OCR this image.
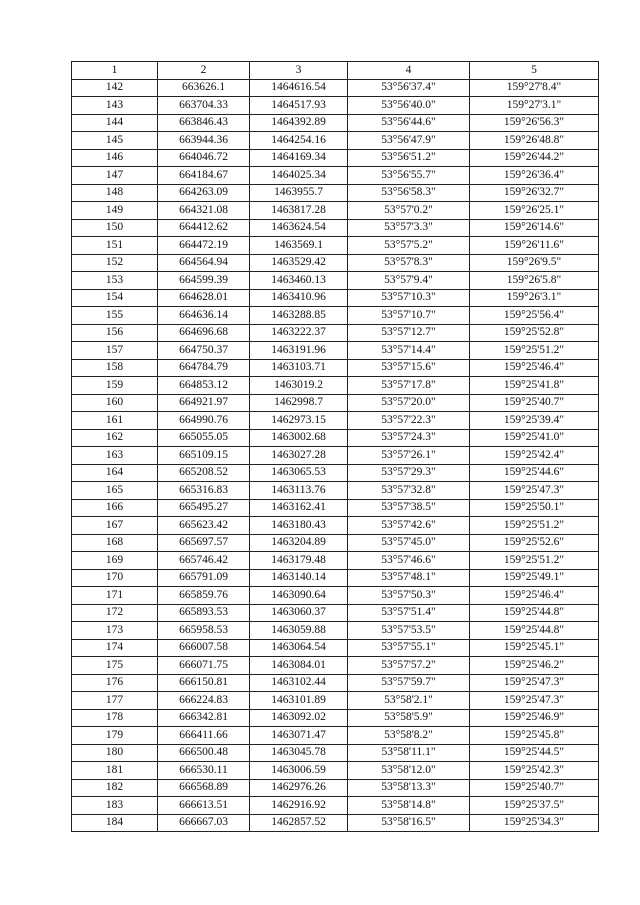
1	2	3	4	5
142	663626.1	1464616.54	53°56'37.4"	159°27'8.4"
143	663704.33	1464517.93	53°56'40.0"	159°27'3.1"
144	663846.43	1464392.89	53°56'44.6"	159°26'56.3"
145	663944.36	1464254.16	53°56'47.9"	159°26'48.8"
146	664046.72	1464169.34	53°56'51.2"	159°26'44.2"
147	664184.67	1464025.34	53°56'55.7"	159°26'36.4"
148	664263.09	1463955.7	53°56'58.3"	159°26'32.7"
149	664321.08	1463817.28	53°57'0.2"	159°26'25.1"
150	664412.62	1463624.54	53°57'3.3"	159°26'14.6"
151	664472.19	1463569.1	53°57'5.2"	159°26'11.6"
152	664564.94	1463529.42	53°57'8.3"	159°26'9.5"
153	664599.39	1463460.13	53°57'9.4"	159°26'5.8"
154	664628.01	1463410.96	53°57'10.3"	159°26'3.1"
155	664636.14	1463288.85	53°57'10.7"	159°25'56.4"
156	664696.68	1463222.37	53°57'12.7"	159°25'52.8"
157	664750.37	1463191.96	53°57'14.4"	159°25'51.2"
158	664784.79	1463103.71	53°57'15.6"	159°25'46.4"
159	664853.12	1463019.2	53°57'17.8"	159°25'41.8"
160	664921.97	1462998.7	53°57'20.0"	159°25'40.7"
161	664990.76	1462973.15	53°57'22.3"	159°25'39.4"
162	665055.05	1463002.68	53°57'24.3"	159°25'41.0"
163	665109.15	1463027.28	53°57'26.1"	159°25'42.4"
164	665208.52	1463065.53	53°57'29.3"	159°25'44.6"
165	665316.83	1463113.76	53°57'32.8"	159°25'47.3"
166	665495.27	1463162.41	53°57'38.5"	159°25'50.1"
167	665623.42	1463180.43	53°57'42.6"	159°25'51.2"
168	665697.57	1463204.89	53°57'45.0"	159°25'52.6"
169	665746.42	1463179.48	53°57'46.6"	159°25'51.2"
170	665791.09	1463140.14	53°57'48.1"	159°25'49.1"
171	665859.76	1463090.64	53°57'50.3"	159°25'46.4"
172	665893.53	1463060.37	53°57'51.4"	159°25'44.8"
173	665958.53	1463059.88	53°57'53.5"	159°25'44.8"
174	666007.58	1463064.54	53°57'55.1"	159°25'45.1"
175	666071.75	1463084.01	53°57'57.2"	159°25'46.2"
176	666150.81	1463102.44	53°57'59.7"	159°25'47.3"
177	666224.83	1463101.89	53°58'2.1"	159°25'47.3"
178	666342.81	1463092.02	53°58'5.9"	159°25'46.9"
179	666411.66	1463071.47	53°58'8.2"	159°25'45.8"
180	666500.48	1463045.78	53°58'11.1"	159°25'44.5"
181	666530.11	1463006.59	53°58'12.0"	159°25'42.3"
182	666568.89	1462976.26	53°58'13.3"	159°25'40.7"
183	666613.51	1462916.92	53°58'14.8"	159°25'37.5"
184	666667.03	1462857.52	53°58'16.5"	159°25'34.3"
